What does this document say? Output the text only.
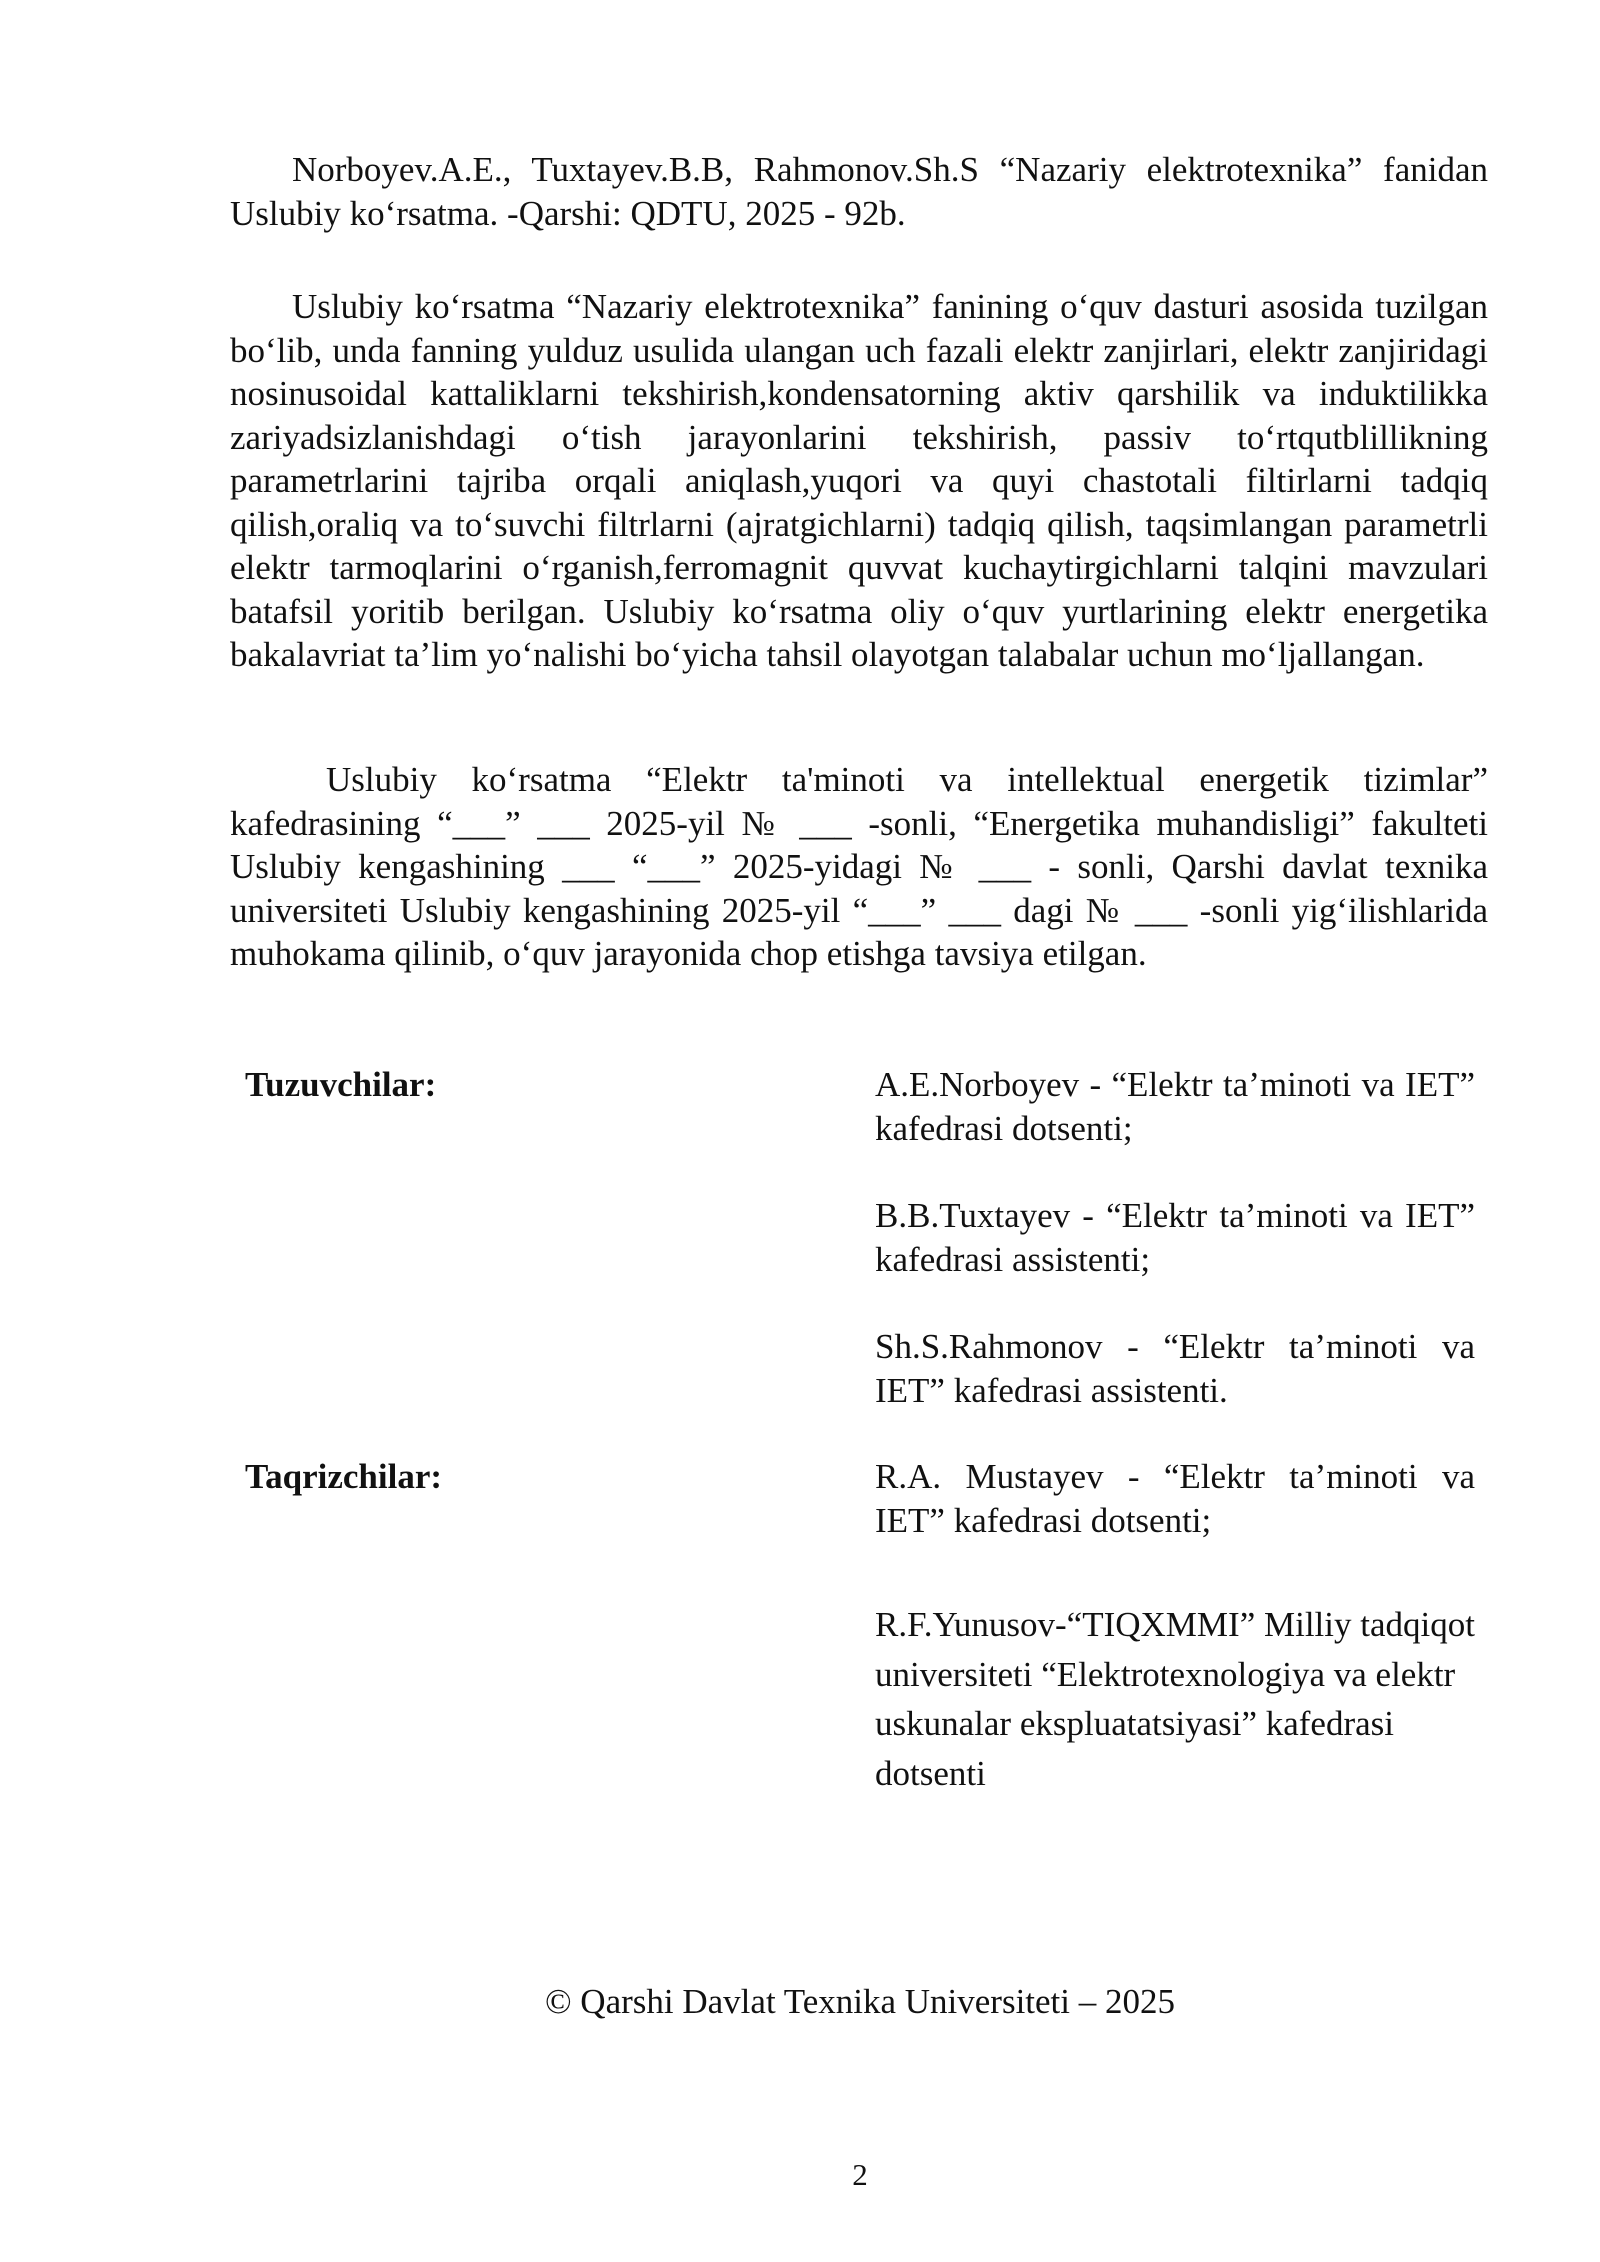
Norboyev.A.E., Tuxtayev.B.B, Rahmonov.Sh.S “Nazariy elektrotexnika” fanidan Uslubiy ko‘rsatma. -Qarshi: QDTU, 2025 - 92b.

Uslubiy ko‘rsatma “Nazariy elektrotexnika” fanining o‘quv dasturi asosida tuzilgan bo‘lib, unda fanning yulduz usulida ulangan uch fazali elektr zanjirlari, elektr zanjiridagi nosinusoidal kattaliklarni tekshirish,kondensatorning aktiv qarshilik va induktilikka zariyadsizlanishdagi o‘tish jarayonlarini tekshirish, passiv to‘rtqutblillikning parametrlarini tajriba orqali aniqlash,yuqori va quyi chastotali filtirlarni tadqiq qilish,oraliq va to‘suvchi filtrlarni (ajratgichlarni) tadqiq qilish, taqsimlangan parametrli elektr tarmoqlarini o‘rganish,ferromagnit quvvat kuchaytirgichlarni talqini mavzulari batafsil yoritib berilgan. Uslubiy ko‘rsatma oliy o‘quv yurtlarining elektr energetika bakalavriat ta’lim yo‘nalishi bo‘yicha tahsil olayotgan talabalar uchun mo‘ljallangan.

Uslubiy ko‘rsatma “Elektr ta'minoti va intellektual energetik tizimlar” kafedrasining “___” ___ 2025-yil № ___ -sonli, “Energetika muhandisligi” fakulteti Uslubiy kengashining ___ “___” 2025-yidagi № ___ - sonli, Qarshi davlat texnika universiteti Uslubiy kengashining 2025-yil “___” ___ dagi № ___ -sonli yig‘ilishlarida muhokama qilinib, o‘quv jarayonida chop etishga tavsiya etilgan.

Tuzuvchilar:	A.E.Norboyev - “Elektr ta’minoti va IET” kafedrasi dotsenti;

B.B.Tuxtayev - “Elektr ta’minoti va IET” kafedrasi assistenti;

Sh.S.Rahmonov - “Elektr ta’minoti va IET” kafedrasi assistenti.

Taqrizchilar:	R.A. Mustayev - “Elektr ta’minoti va IET” kafedrasi dotsenti;

R.F.Yunusov-“TIQXMMI” Milliy tadqiqot universiteti “Elektrotexnologiya va elektr uskunalar ekspluatatsiyasi” kafedrasi dotsenti

© Qarshi Davlat Texnika Universiteti – 2025

2
